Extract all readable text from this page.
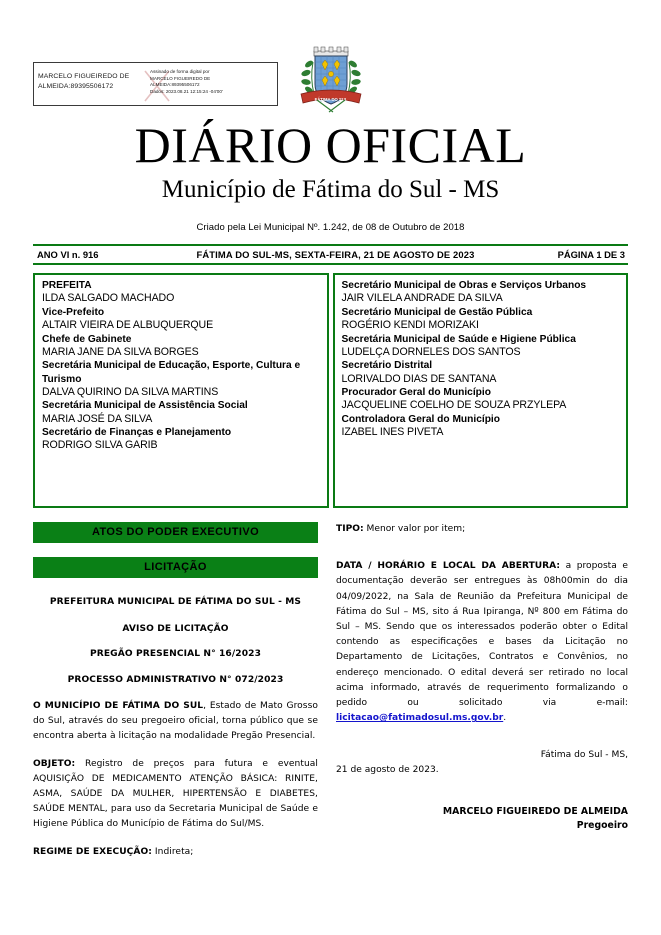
MARCELO FIGUEIREDO DE
ALMEIDA:89395506172
Assinado de forma digital por
MARCELO FIGUEIREDO DE
ALMEIDA:89395506172
Dados: 2023.08.21 12:15:24 -04'00'
FÁTIMA DO SUL
DIÁRIO OFICIAL
Município de Fátima do Sul - MS
Criado pela Lei Municipal Nº. 1.242, de 08 de Outubro de 2018
ANO VI n. 916	FÁTIMA DO SUL-MS, SEXTA-FEIRA, 21 DE AGOSTO DE 2023	PÁGINA 1 DE 3
PREFEITA
ILDA SALGADO MACHADO
Vice-Prefeito
ALTAIR VIEIRA DE ALBUQUERQUE
Chefe de Gabinete
MARIA JANE DA SILVA BORGES
Secretária Municipal de Educação, Esporte, Cultura e Turismo
DALVA QUIRINO DA SILVA MARTINS
Secretária Municipal de Assistência Social
MARIA JOSÉ DA SILVA
Secretário de Finanças e Planejamento
RODRIGO SILVA GARIB
Secretário Municipal de Obras e Serviços Urbanos
JAIR VILELA ANDRADE DA SILVA
Secretário Municipal de Gestão Pública
ROGÉRIO KENDI MORIZAKI
Secretária Municipal de Saúde e Higiene Pública
LUDELÇA DORNELES DOS SANTOS
Secretário Distrital
LORIVALDO DIAS DE SANTANA
Procurador Geral do Município
JACQUELINE COELHO DE SOUZA PRZYLEPA
Controladora Geral do Município
IZABEL INES PIVETA
ATOS DO PODER EXECUTIVO
LICITAÇÃO
PREFEITURA MUNICIPAL DE FÁTIMA DO SUL - MS
AVISO DE LICITAÇÃO
PREGÃO PRESENCIAL N° 16/2023
PROCESSO ADMINISTRATIVO N° 072/2023
O MUNICÍPIO DE FÁTIMA DO SUL, Estado de Mato Grosso do Sul, através do seu pregoeiro oficial, torna público que se encontra aberta à licitação na modalidade Pregão Presencial.
OBJETO: Registro de preços para futura e eventual AQUISIÇÃO DE MEDICAMENTO ATENÇÃO BÁSICA: RINITE, ASMA, SAÚDE DA MULHER, HIPERTENSÃO E DIABETES, SAÚDE MENTAL, para uso da Secretaria Municipal de Saúde e Higiene Pública do Município de Fátima do Sul/MS.
REGIME DE EXECUÇÃO: Indireta;
TIPO: Menor valor por item;
DATA / HORÁRIO E LOCAL DA ABERTURA: a proposta e documentação deverão ser entregues às 08h00min do dia 04/09/2022, na Sala de Reunião da Prefeitura Municipal de Fátima do Sul – MS, sito á Rua Ipiranga, Nº 800 em Fátima do Sul – MS. Sendo que os interessados poderão obter o Edital contendo as especificações e bases da Licitação no Departamento de Licitações, Contratos e Convênios, no endereço mencionado. O edital deverá ser retirado no local acima informado, através de requerimento formalizando o pedido ou solicitado via e-mail: licitacao@fatimadosul.ms.gov.br.
Fátima do Sul - MS,
21 de agosto de 2023.
MARCELO FIGUEIREDO DE ALMEIDA
Pregoeiro
